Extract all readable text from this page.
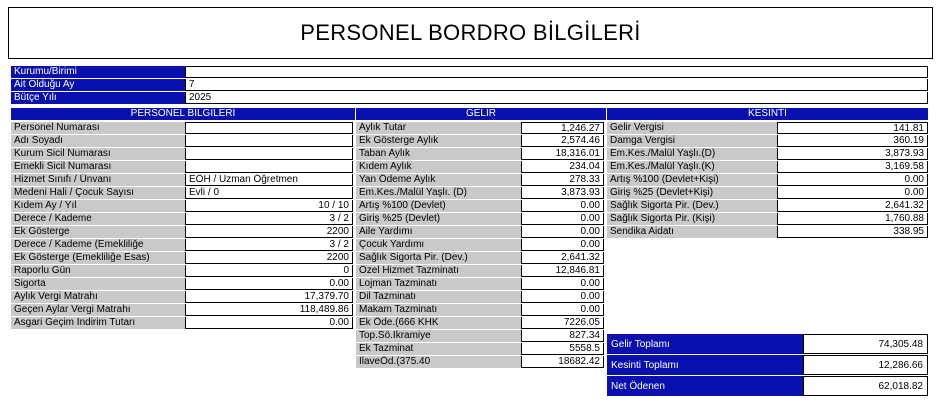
PERSONEL BORDRO BİLGİLERİ
Kurumu/Birimi
Ait Olduğu Ay	7
Bütçe Yılı	2025
PERSONEL BİLGİLERİ	GELİR	KESİNTİ
Personel Numarası
Adı Soyadı
Kurum Sicil Numarası
Emekli Sicil Numarası
Hizmet Sınıfı / Ünvanı	EÖH / Uzman Öğretmen
Medeni Hali / Çocuk Sayısı	Evli / 0
Kıdem Ay / Yıl	10 / 10
Derece / Kademe	3 / 2
Ek Gösterge	2200
Derece / Kademe (Emekliliğe	3 / 2
Ek Gösterge (Emekliliğe Esas)	2200
Raporlu Gün	0
Sigorta	0.00
Aylık Vergi Matrahı	17,379.70
Geçen Aylar Vergi Matrahı	118,489.86
Asgari Geçim İndirim Tutarı	0.00
Aylık Tutar	1,246.27
Ek Gösterge Aylık	2,574.46
Taban Aylık	18,316.01
Kıdem Aylık	234.04
Yan Ödeme Aylık	278.33
Em.Kes./Malül Yaşlı. (D)	3,873.93
Artış %100 (Devlet)	0.00
Giriş %25 (Devlet)	0.00
Aile Yardımı	0.00
Çocuk Yardımı	0.00
Sağlık Sigorta Pir. (Dev.)	2,641.32
Özel Hizmet Tazminatı	12,846.81
Lojman Tazminatı	0.00
Dil Tazminatı	0.00
Makam Tazminatı	0.00
Ek Öde.(666 KHK	7226.05
Top.Sö.İkramiye	827.34
Ek Tazminat	5558.5
İlaveÖd.(375.40	18682.42
Gelir Vergisi	141.81
Damga Vergisi	360.19
Em.Kes./Malül Yaşlı.(D)	3,873.93
Em.Kes./Malül Yaşlı.(K)	3,169.58
Artış %100 (Devlet+Kişi)	0.00
Giriş %25 (Devlet+Kişi)	0.00
Sağlık Sigorta Pir. (Dev.)	2,641.32
Sağlık Sigorta Pir. (Kişi)	1,760.88
Sendika Aidatı	338.95
Gelir Toplamı	74,305.48
Kesinti Toplamı	12,286.66
Net Ödenen	62,018.82
